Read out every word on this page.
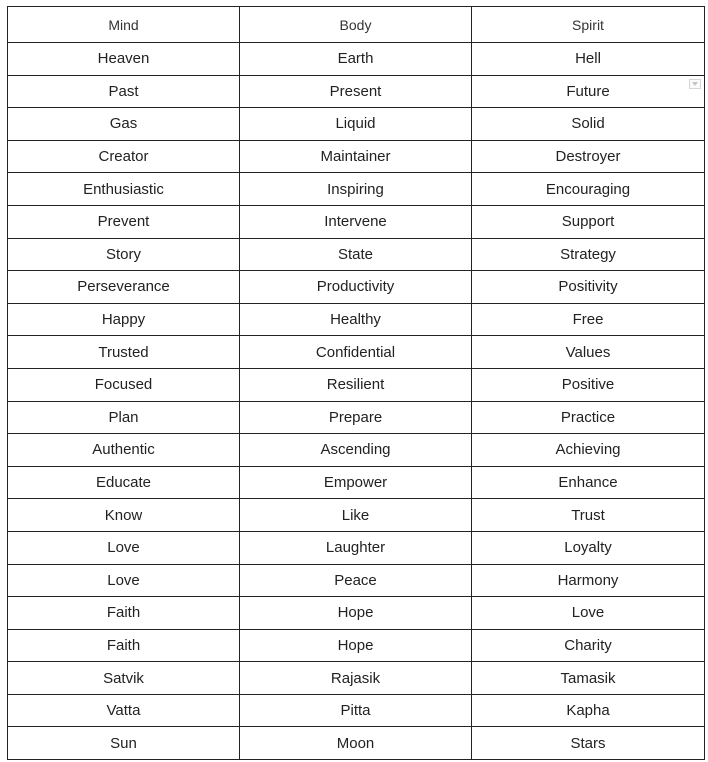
Mind	Body	Spirit
Heaven	Earth	Hell
Past	Present	Future

Gas	Liquid	Solid
Creator	Maintainer	Destroyer
Enthusiastic	Inspiring	Encouraging
Prevent	Intervene	Support
Story	State	Strategy
Perseverance	Productivity	Positivity
Happy	Healthy	Free
Trusted	Confidential	Values
Focused	Resilient	Positive
Plan	Prepare	Practice
Authentic	Ascending	Achieving
Educate	Empower	Enhance
Know	Like	Trust
Love	Laughter	Loyalty
Love	Peace	Harmony
Faith	Hope	Love
Faith	Hope	Charity
Satvik	Rajasik	Tamasik
Vatta	Pitta	Kapha
Sun	Moon	Stars
